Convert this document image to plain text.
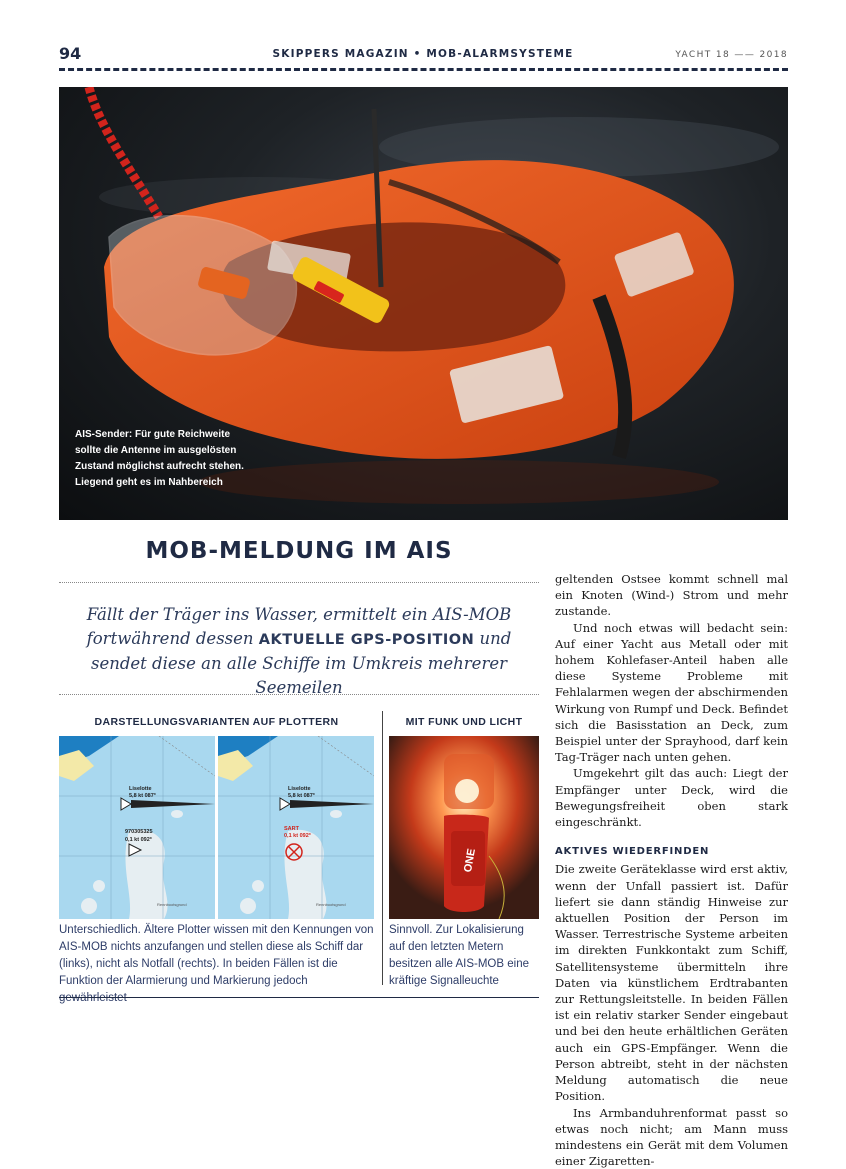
94	SKIPPERS MAGAZIN • MOB-ALARMSYSTEME	YACHT 18 —— 2018
AIS-Sender: Für gute Reichweite sollte die Antenne im ausgelösten Zustand möglichst aufrecht stehen. Liegend geht es im Nahbereich
MOB-MELDUNG IM AIS
Fällt der Träger ins Wasser, ermittelt ein AIS-MOB fortwährend dessen AKTUELLE GPS-POSITION und sendet diese an alle Schiffe im Umkreis mehrerer Seemeilen
DARSTELLUNGSVARIANTEN AUF PLOTTERN
Liselotte
5,8 kt 087°
970305325
0,1 kt 092°
Rennbootsgrund
Liselotte
5,8 kt 087°
SART
0,1 kt 092°
Rennbootsgrund
Unterschiedlich. Ältere Plotter wissen mit den Kennungen von AIS-MOB nichts anzufangen und stellen diese als Schiff dar (links), nicht als Notfall (rechts). In beiden Fällen ist die Funktion der Alarmierung und Markierung jedoch gewährleistet
MIT FUNK UND LICHT
ONE
Sinnvoll. Zur Lokalisierung auf den letzten Metern besitzen alle AIS-MOB eine kräftige Signalleuchte

geltenden Ostsee kommt schnell mal ein Knoten (Wind-) Strom und mehr zustande.

Und noch etwas will bedacht sein: Auf einer Yacht aus Metall oder mit hohem Kohlefaser-Anteil haben alle diese Systeme Probleme mit Fehlalarmen wegen der abschirmenden Wirkung von Rumpf und Deck. Befindet sich die Basisstation an Deck, zum Beispiel unter der Sprayhood, darf kein Tag-Träger nach unten gehen.

Umgekehrt gilt das auch: Liegt der Empfänger unter Deck, wird die Bewegungsfreiheit oben stark eingeschränkt.

AKTIVES WIEDERFINDEN

Die zweite Geräteklasse wird erst aktiv, wenn der Unfall passiert ist. Dafür liefert sie dann ständig Hinweise zur aktuellen Position der Person im Wasser. Terrestrische Systeme arbeiten im direkten Funkkontakt zum Schiff, Satellitensysteme übermitteln ihre Daten via künstlichem Erdtrabanten zur Rettungsleitstelle. In beiden Fällen ist ein relativ starker Sender eingebaut und bei den heute erhältlichen Geräten auch ein GPS-Empfänger. Wenn die Person abtreibt, steht in der nächsten Meldung automatisch die neue Position.

Ins Armbanduhrenformat passt so etwas noch nicht; am Mann muss mindestens ein Gerät mit dem Volumen einer Zigaretten-
